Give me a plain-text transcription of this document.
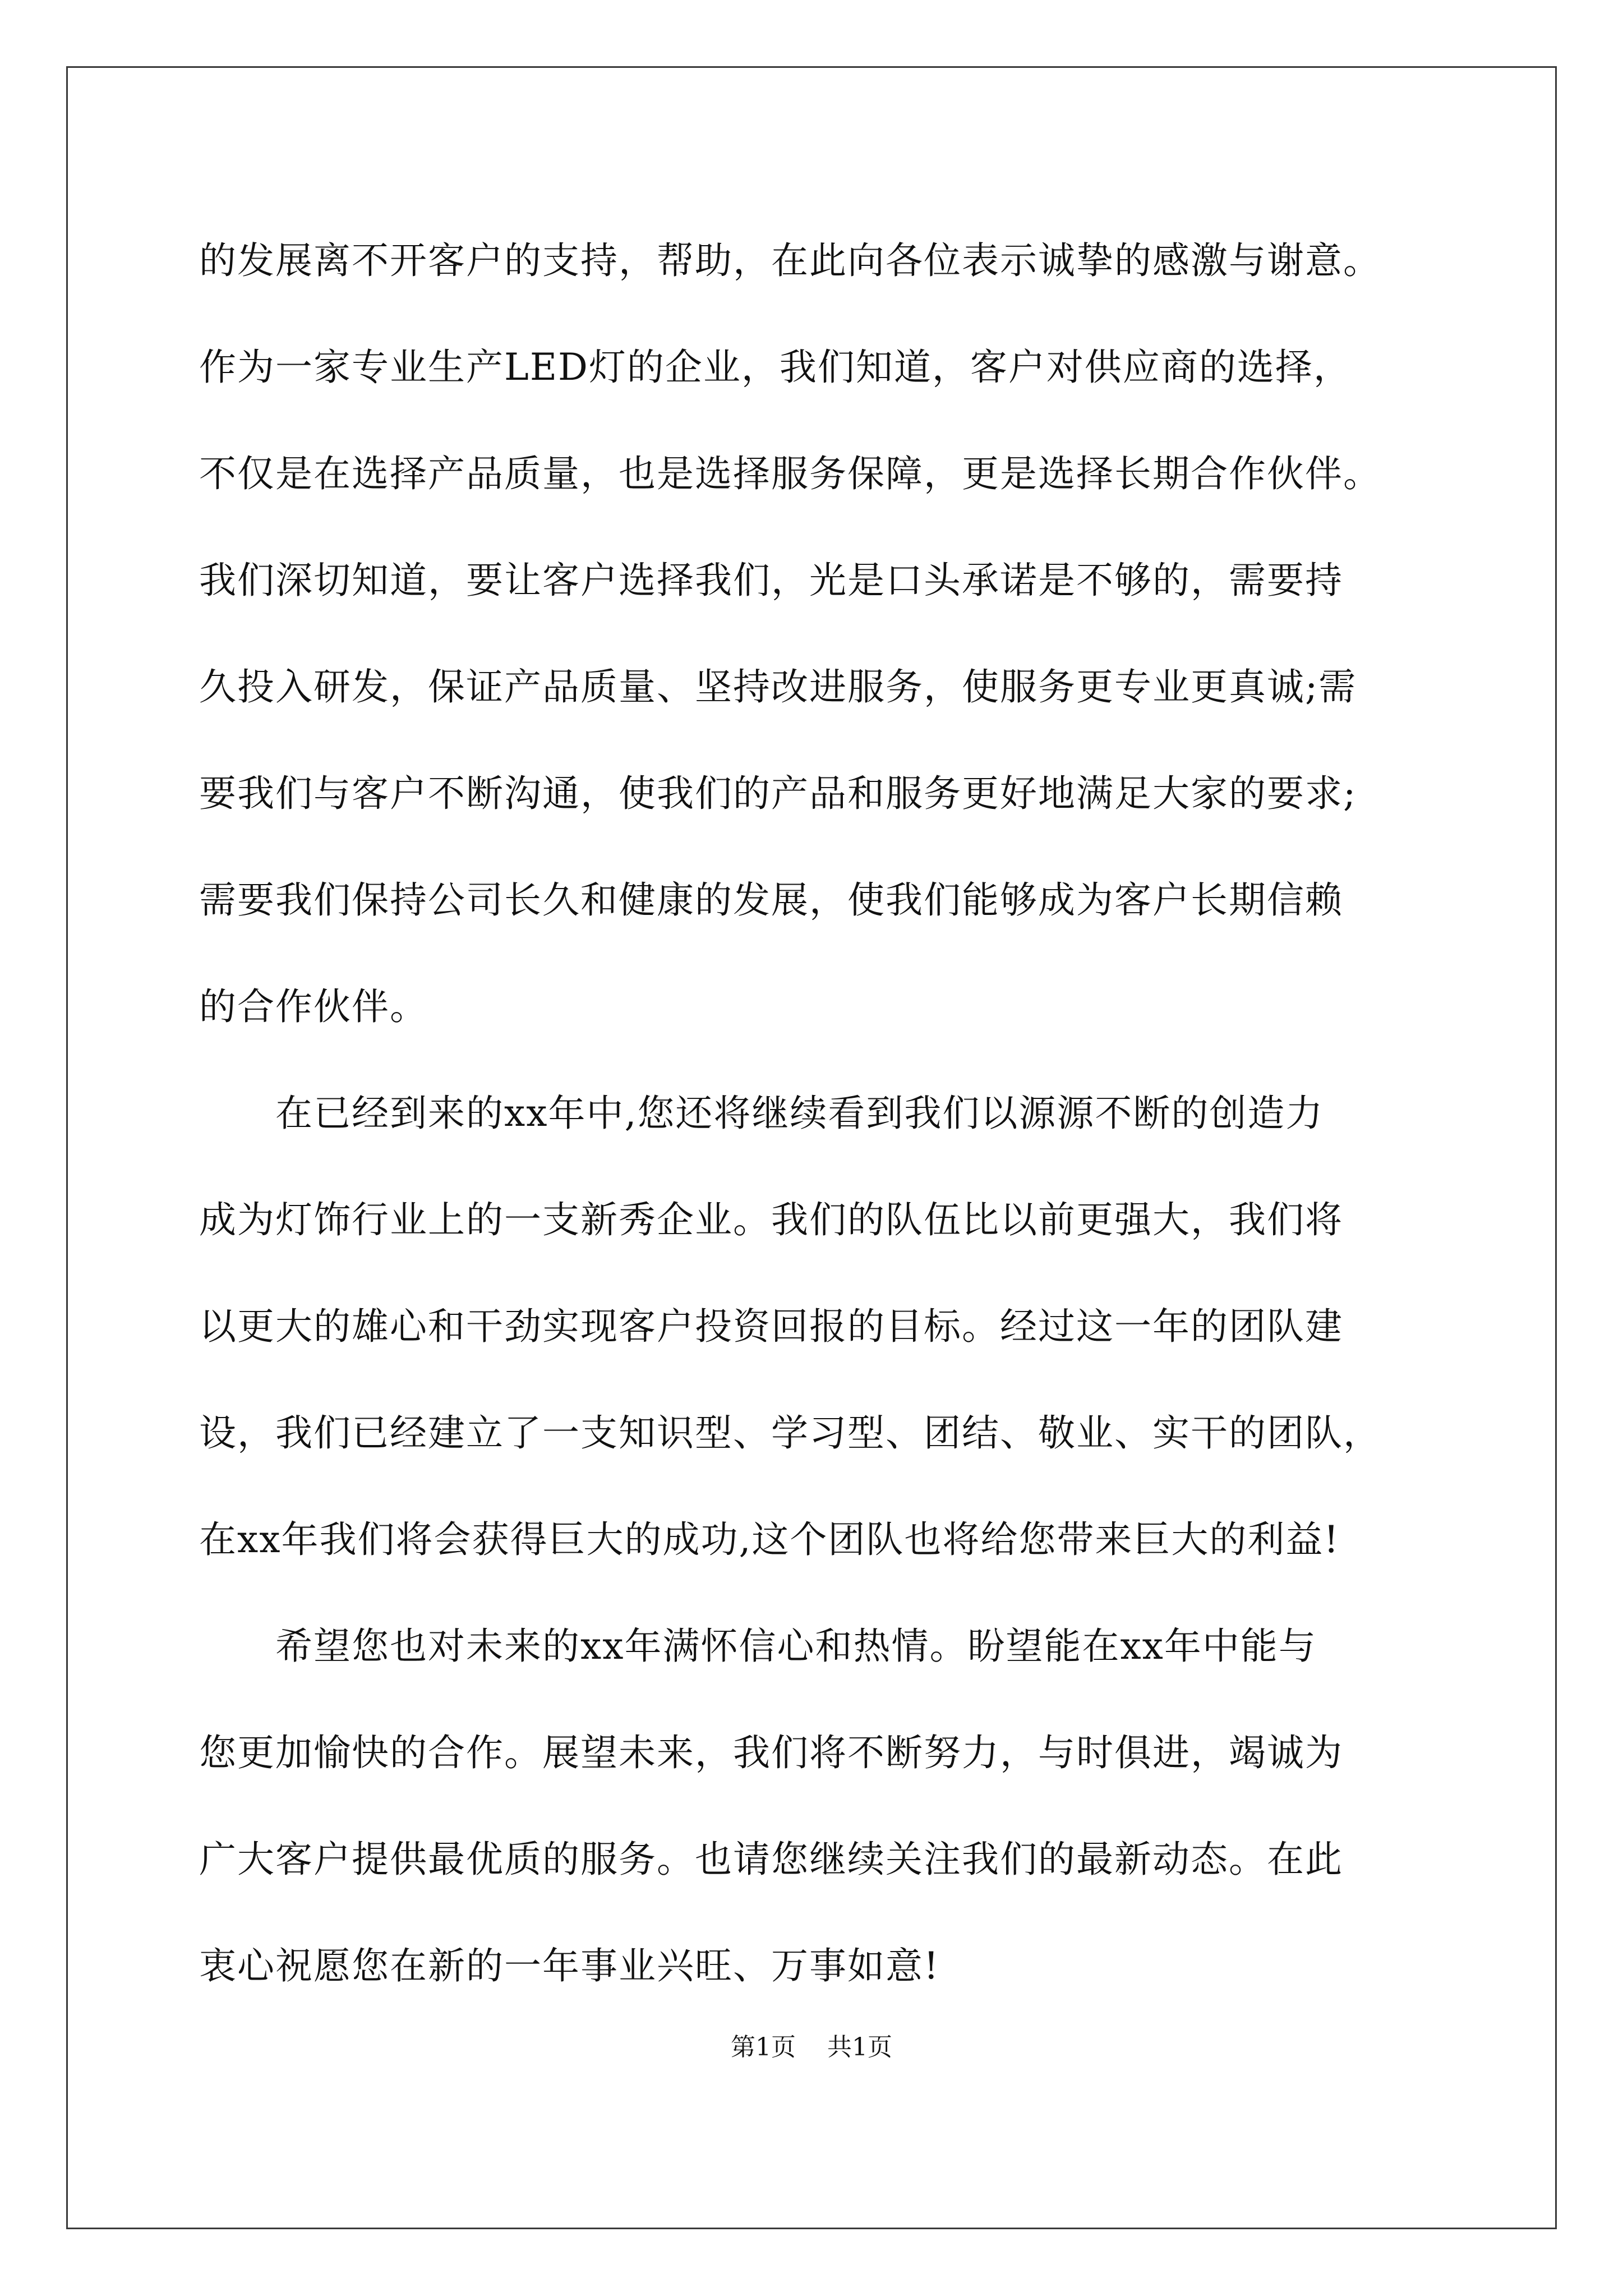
的发展离不开客户的支持，帮助，在此向各位表示诚挚的感激与谢意。
作为一家专业生产LED灯的企业，我们知道，客户对供应商的选择，
不仅是在选择产品质量，也是选择服务保障，更是选择长期合作伙伴。
我们深切知道，要让客户选择我们，光是口头承诺是不够的，需要持
久投入研发，保证产品质量、坚持改进服务，使服务更专业更真诚;需
要我们与客户不断沟通，使我们的产品和服务更好地满足大家的要求;
需要我们保持公司长久和健康的发展，使我们能够成为客户长期信赖
的合作伙伴。
　　在已经到来的xx年中,您还将继续看到我们以源源不断的创造力
成为灯饰行业上的一支新秀企业。我们的队伍比以前更强大，我们将
以更大的雄心和干劲实现客户投资回报的目标。经过这一年的团队建
设，我们已经建立了一支知识型、学习型、团结、敬业、实干的团队，
在xx年我们将会获得巨大的成功,这个团队也将给您带来巨大的利益!
　　希望您也对未来的xx年满怀信心和热情。盼望能在xx年中能与
您更加愉快的合作。展望未来，我们将不断努力，与时俱进，竭诚为
广大客户提供最优质的服务。也请您继续关注我们的最新动态。在此
衷心祝愿您在新的一年事业兴旺、万事如意!
第1页 共1页
